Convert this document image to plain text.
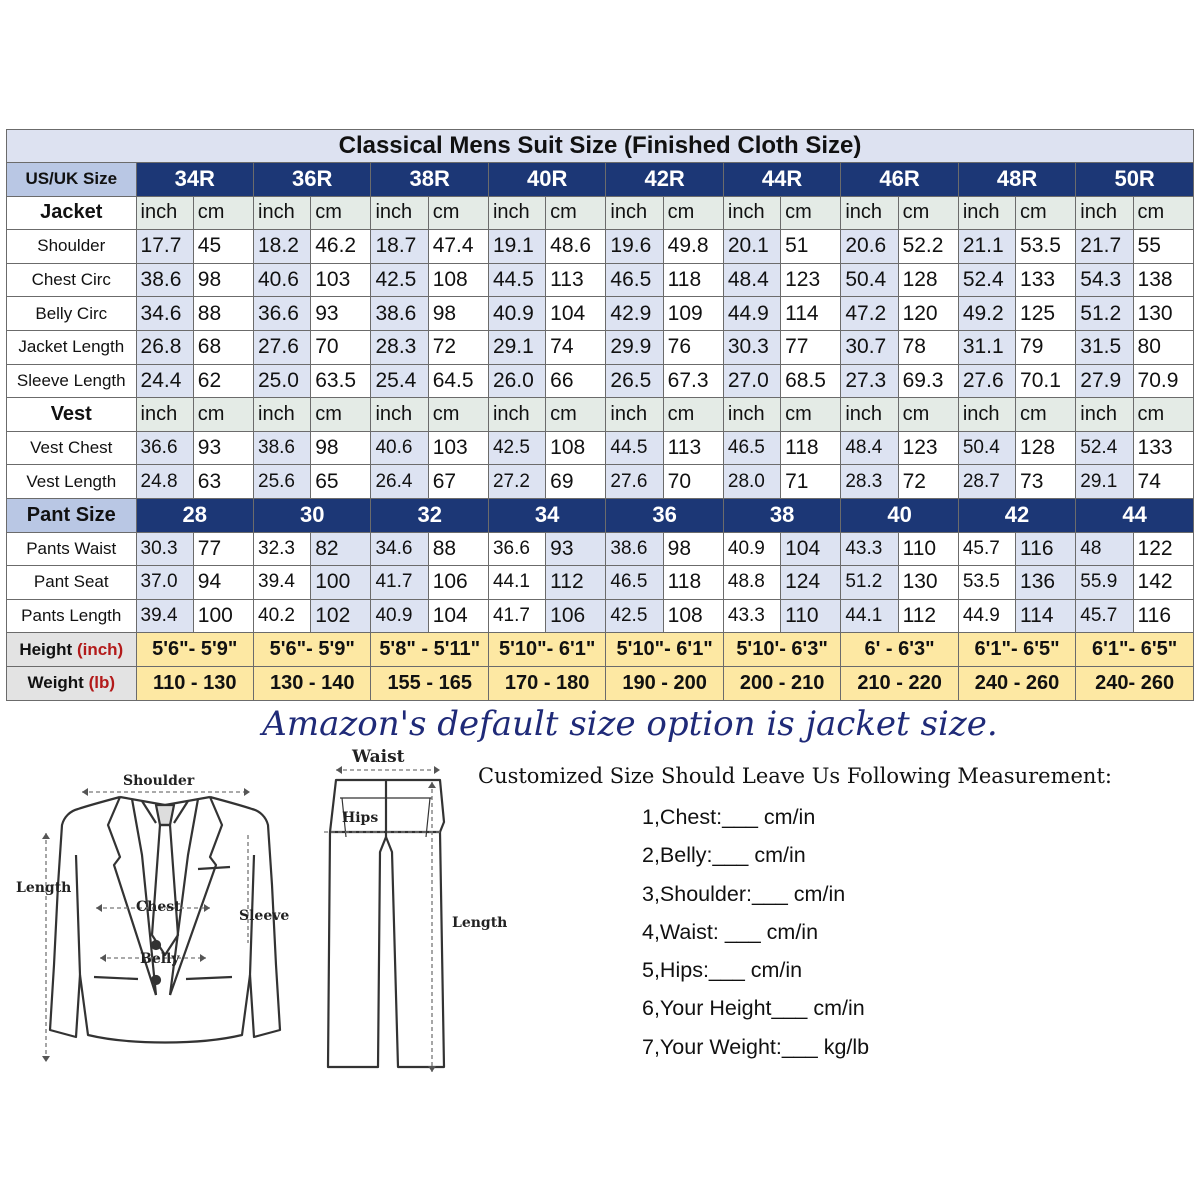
Classical Mens Suit Size (Finished Cloth Size)																		
US/UK Size	34R		36R		38R		40R		42R		44R		46R		48R		50R	
Jacket	inch	cm	inch	cm	inch	cm	inch	cm	inch	cm	inch	cm	inch	cm	inch	cm	inch	cm
Shoulder	17.7	45	18.2	46.2	18.7	47.4	19.1	48.6	19.6	49.8	20.1	51	20.6	52.2	21.1	53.5	21.7	55
Chest Circ	38.6	98	40.6	103	42.5	108	44.5	113	46.5	118	48.4	123	50.4	128	52.4	133	54.3	138
Belly Circ	34.6	88	36.6	93	38.6	98	40.9	104	42.9	109	44.9	114	47.2	120	49.2	125	51.2	130
Jacket Length	26.8	68	27.6	70	28.3	72	29.1	74	29.9	76	30.3	77	30.7	78	31.1	79	31.5	80
Sleeve Length	24.4	62	25.0	63.5	25.4	64.5	26.0	66	26.5	67.3	27.0	68.5	27.3	69.3	27.6	70.1	27.9	70.9
Vest	inch	cm	inch	cm	inch	cm	inch	cm	inch	cm	inch	cm	inch	cm	inch	cm	inch	cm
Vest Chest	36.6	93	38.6	98	40.6	103	42.5	108	44.5	113	46.5	118	48.4	123	50.4	128	52.4	133
Vest Length	24.8	63	25.6	65	26.4	67	27.2	69	27.6	70	28.0	71	28.3	72	28.7	73	29.1	74
Pant Size	28		30		32		34		36		38		40		42		44	
Pants Waist	30.3	77	32.3	82	34.6	88	36.6	93	38.6	98	40.9	104	43.3	110	45.7	116	48	122
Pant Seat	37.0	94	39.4	100	41.7	106	44.1	112	46.5	118	48.8	124	51.2	130	53.5	136	55.9	142
Pants Length	39.4	100	40.2	102	40.9	104	41.7	106	42.5	108	43.3	110	44.1	112	44.9	114	45.7	116
Height (inch)	5'6"- 5'9"		5'6"- 5'9"		5'8" - 5'11"		5'10"- 6'1"		5'10"- 6'1"		5'10'- 6'3"		6' - 6'3"		6'1"- 6'5"		6'1"- 6'5"	
Weight (lb)	110 - 130		130 - 140		155 - 165		170 - 180		190 - 200		200 - 210		210 - 220		240 - 260		240- 260	
Amazon's default size option is jacket size.
Shoulder
Length
Chest
Sleeve
Belly
Waist
Hips
Length
Customized Size Should Leave Us Following Measurement:
1,Chest:___ cm/in
2,Belly:___ cm/in
3,Shoulder:___ cm/in
4,Waist: ___ cm/in
5,Hips:___ cm/in
6,Your Height___ cm/in
7,Your Weight:___ kg/lb
